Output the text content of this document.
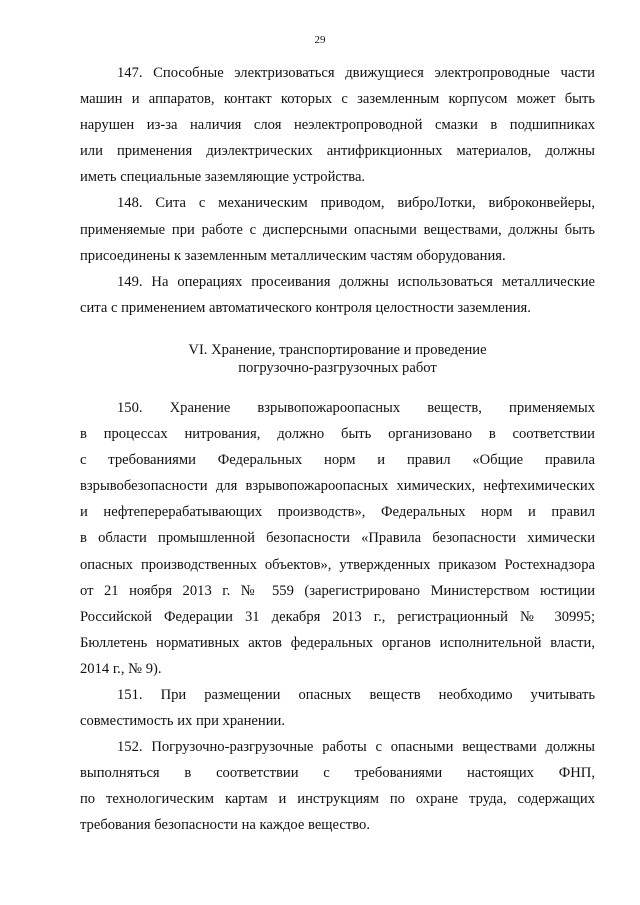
29
147. Способные электризоваться движущиеся электропроводные части
машин и аппаратов, контакт которых с заземленным корпусом может быть
нарушен из-за наличия слоя неэлектропроводной смазки в подшипниках
или применения диэлектрических антифрикционных материалов, должны
иметь специальные заземляющие устройства.
148. Сита с механическим приводом, виброЛотки, виброконвейеры,
применяемые при работе с дисперсными опасными веществами, должны быть
присоединены к заземленным металлическим частям оборудования.
149. На операциях просеивания должны использоваться металлические
сита с применением автоматического контроля целостности заземления.
VI. Хранение, транспортирование и проведение
погрузочно-разгрузочных работ
150. Хранение взрывопожароопасных веществ, применяемых
в процессах нитрования, должно быть организовано в соответствии
с требованиями Федеральных норм и правил «Общие правила
взрывобезопасности для взрывопожароопасных химических, нефтехимических
и нефтеперерабатывающих производств», Федеральных норм и правил
в области промышленной безопасности «Правила безопасности химически
опасных производственных объектов», утвержденных приказом Ростехнадзора
от 21 ноября 2013 г. № 559 (зарегистрировано Министерством юстиции
Российской Федерации 31 декабря 2013 г., регистрационный № 30995;
Бюллетень нормативных актов федеральных органов исполнительной власти,
2014 г., № 9).
151. При размещении опасных веществ необходимо учитывать
совместимость их при хранении.
152. Погрузочно-разгрузочные работы с опасными веществами должны
выполняться в соответствии с требованиями настоящих ФНП,
по технологическим картам и инструкциям по охране труда, содержащих
требования безопасности на каждое вещество.
